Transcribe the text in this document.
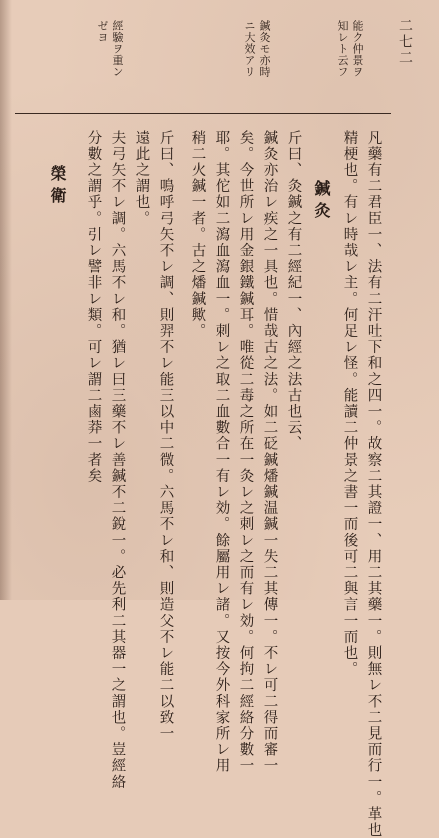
二七二
能ク仲景ヲ
知レト云フ
鍼灸モ亦時
ニ大效アリ
經驗ヲ重ン
ゼヨ
凡藥有二君臣一、法有二汗吐下和之四一。故察二其證一、用二其藥一。則無レ不二見而行一。革也
精梗也。有レ時哉レ主。何足レ怪。能讀二仲景之書一而後可二與言一而也。
鍼灸
斤曰、灸鍼之有二經紀一、內經之法古也云、
鍼灸亦治レ疾之一具也。惜哉古之法。如二砭鍼燔鍼温鍼一失二其傳一。不レ可二得而審一
矣。今世所レ用金銀鐵鍼耳。唯從二毒之所在一灸レ之刺レ之而有レ効。何拘二經絡分數一
耶。其佗如二瀉血瀉血一。刺レ之取二血數合一有レ効。餘屬用レ諸。又按今外科家所レ用
稍二火鍼一者。古之燔鍼歟。
斤曰、鳴呼弓矢不レ調、則羿不レ能三以中二微。六馬不レ和、則造父不レ能二以致一
遠此之謂也。
夫弓矢不レ調。六馬不レ和。猶レ曰三藥不レ善鍼不二銳一。必先利二其器一之謂也。豈經絡
分數之謂乎。引レ譬非レ類。可レ謂二鹵莽一者矣
榮衛
